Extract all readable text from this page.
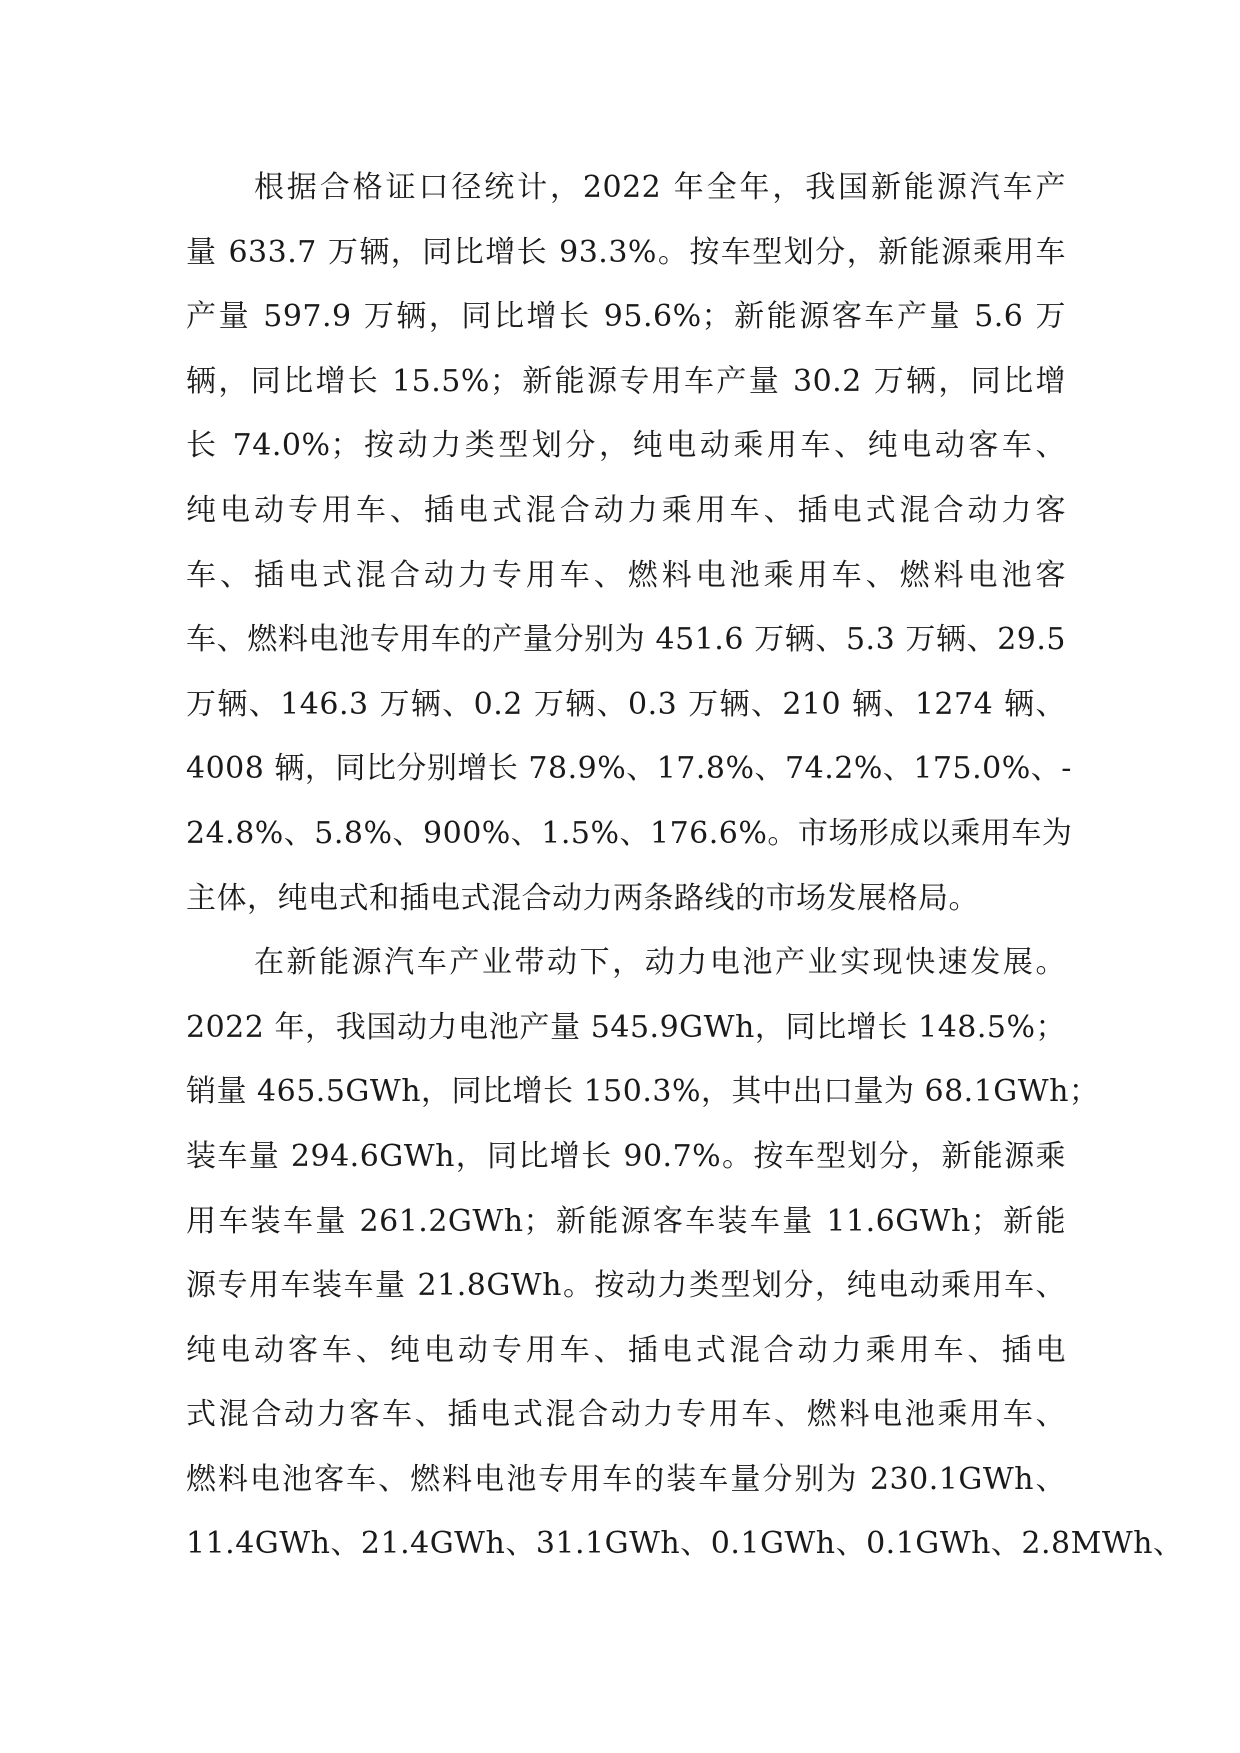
根据合格证口径统计，2022 年全年，我国新能源汽车产
量 633.7 万辆，同比增长 93.3%。按车型划分，新能源乘用车
产量 597.9 万辆，同比增长 95.6%；新能源客车产量 5.6 万
辆，同比增长 15.5%；新能源专用车产量 30.2 万辆，同比增
长 74.0%；按动力类型划分，纯电动乘用车、纯电动客车、
纯电动专用车、插电式混合动力乘用车、插电式混合动力客
车、插电式混合动力专用车、燃料电池乘用车、燃料电池客
车、燃料电池专用车的产量分别为 451.6 万辆、5.3 万辆、29.5
万辆、146.3 万辆、0.2 万辆、0.3 万辆、210 辆、1274 辆、
4008 辆，同比分别增长 78.9%、17.8%、74.2%、175.0%、-
24.8%、5.8%、900%、1.5%、176.6%。市场形成以乘用车为
主体，纯电式和插电式混合动力两条路线的市场发展格局。
在新能源汽车产业带动下，动力电池产业实现快速发展。
2022 年，我国动力电池产量 545.9GWh，同比增长 148.5%；
销量 465.5GWh，同比增长 150.3%，其中出口量为 68.1GWh；
装车量 294.6GWh，同比增长 90.7%。按车型划分，新能源乘
用车装车量 261.2GWh；新能源客车装车量 11.6GWh；新能
源专用车装车量 21.8GWh。按动力类型划分，纯电动乘用车、
纯电动客车、纯电动专用车、插电式混合动力乘用车、插电
式混合动力客车、插电式混合动力专用车、燃料电池乘用车、
燃料电池客车、燃料电池专用车的装车量分别为 230.1GWh、
11.4GWh、21.4GWh、31.1GWh、0.1GWh、0.1GWh、2.8MWh、
